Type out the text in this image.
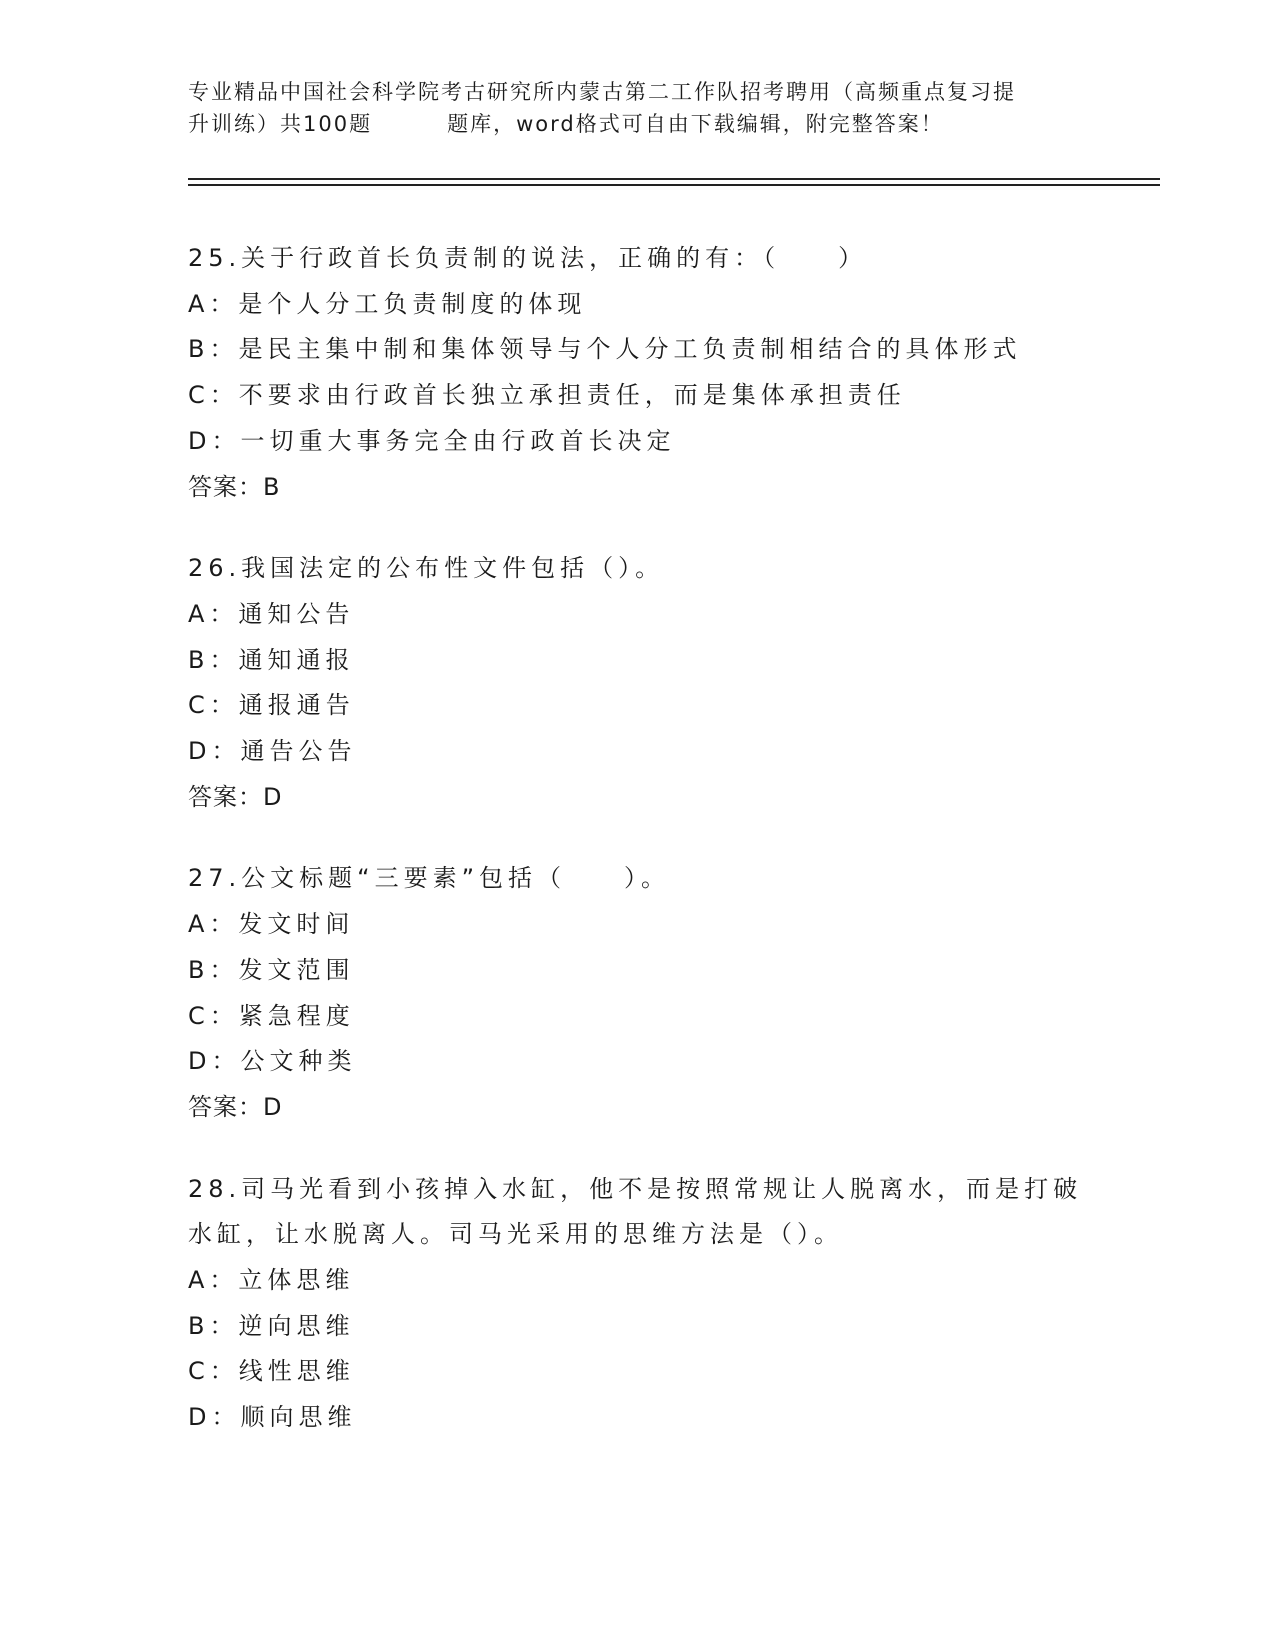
专业精品中国社会科学院考古研究所内蒙古第二工作队招考聘用（高频重点复习提
升训练）共100题	题库，word格式可自由下载编辑，附完整答案！
25.关于行政首长负责制的说法，正确的有：（　　）
A：是个人分工负责制度的体现
B：是民主集中制和集体领导与个人分工负责制相结合的具体形式
C：不要求由行政首长独立承担责任，而是集体承担责任
D：一切重大事务完全由行政首长决定
答案：B
26.我国法定的公布性文件包括（）。
A：通知公告
B：通知通报
C：通报通告
D：通告公告
答案：D
27.公文标题“三要素”包括（　　）。
A：发文时间
B：发文范围
C：紧急程度
D：公文种类
答案：D
28.司马光看到小孩掉入水缸，他不是按照常规让人脱离水，而是打破
水缸，让水脱离人。司马光采用的思维方法是（）。
A：立体思维
B：逆向思维
C：线性思维
D：顺向思维
